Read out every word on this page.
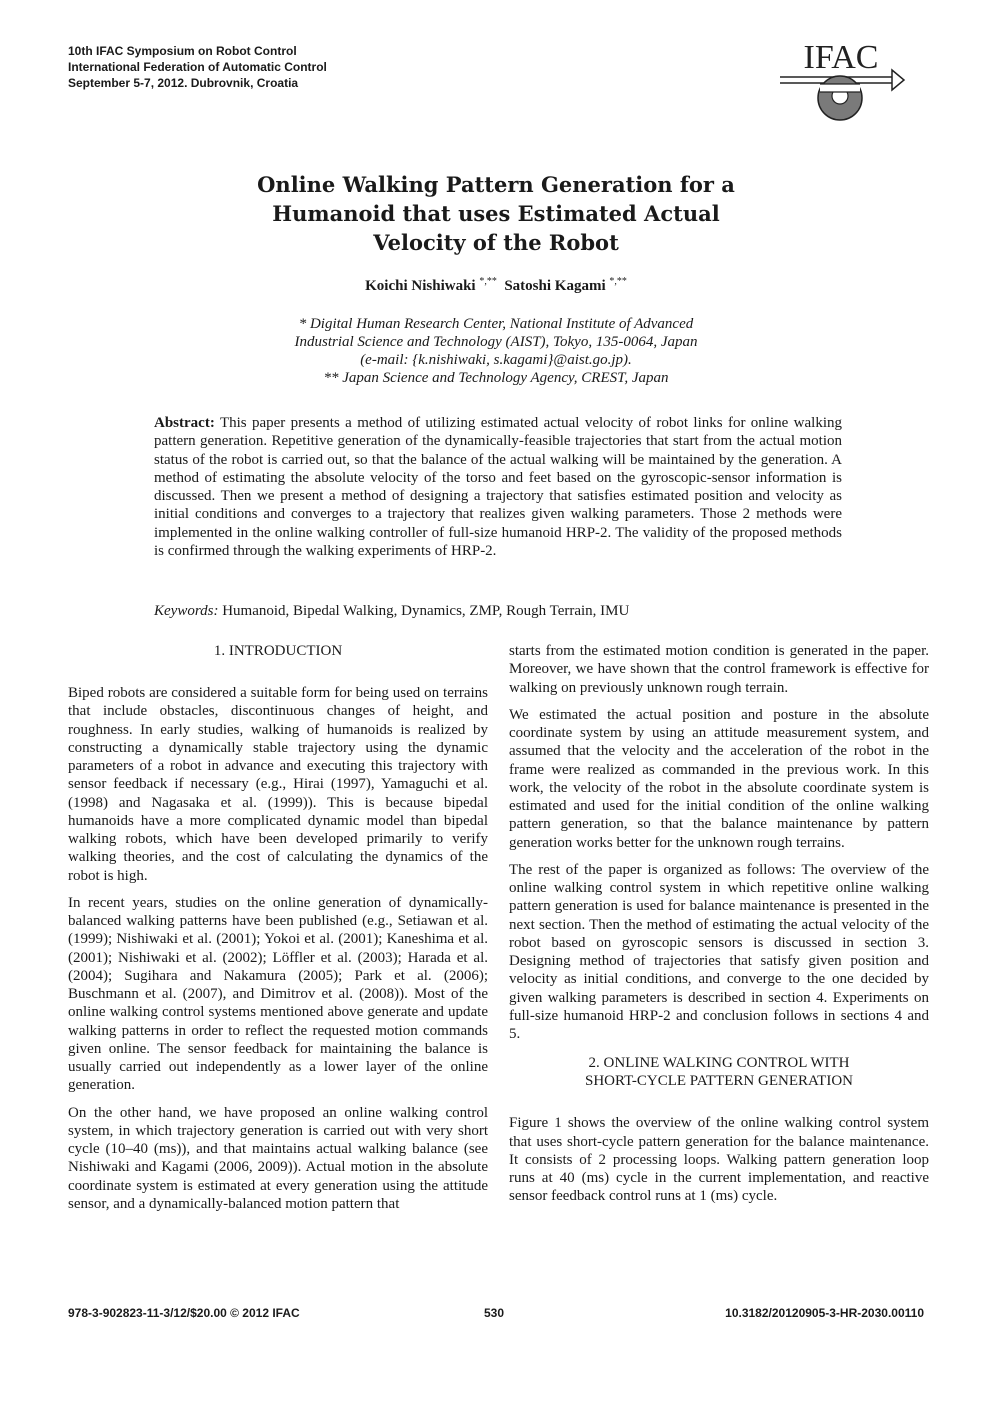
10th IFAC Symposium on Robot Control
International Federation of Automatic Control
September 5-7, 2012. Dubrovnik, Croatia
IFAC
Online Walking Pattern Generation for a
Humanoid that uses Estimated Actual
Velocity of the Robot
Koichi Nishiwaki *,** Satoshi Kagami *,**
* Digital Human Research Center, National Institute of Advanced
Industrial Science and Technology (AIST), Tokyo, 135-0064, Japan
(e-mail: {k.nishiwaki, s.kagami}@aist.go.jp).
** Japan Science and Technology Agency, CREST, Japan
Abstract: This paper presents a method of utilizing estimated actual velocity of robot links for online walking pattern generation. Repetitive generation of the dynamically-feasible trajectories that start from the actual motion status of the robot is carried out, so that the balance of the actual walking will be maintained by the generation. A method of estimating the absolute velocity of the torso and feet based on the gyroscopic-sensor information is discussed. Then we present a method of designing a trajectory that satisfies estimated position and velocity as initial conditions and converges to a trajectory that realizes given walking parameters. Those 2 methods were implemented in the online walking controller of full-size humanoid HRP-2. The validity of the proposed methods is confirmed through the walking experiments of HRP-2.
Keywords: Humanoid, Bipedal Walking, Dynamics, ZMP, Rough Terrain, IMU
1. INTRODUCTION

Biped robots are considered a suitable form for being used on terrains that include obstacles, discontinuous changes of height, and roughness. In early studies, walking of humanoids is realized by constructing a dynamically stable trajectory using the dynamic parameters of a robot in advance and executing this trajectory with sensor feedback if necessary (e.g., Hirai (1997), Yamaguchi et al. (1998) and Nagasaka et al. (1999)). This is because bipedal humanoids have a more complicated dynamic model than bipedal walking robots, which have been developed primarily to verify walking theories, and the cost of calculating the dynamics of the robot is high.

In recent years, studies on the online generation of dynamically-balanced walking patterns have been published (e.g., Setiawan et al. (1999); Nishiwaki et al. (2001); Yokoi et al. (2001); Kaneshima et al. (2001); Nishiwaki et al. (2002); Löffler et al. (2003); Harada et al. (2004); Sugihara and Nakamura (2005); Park et al. (2006); Buschmann et al. (2007), and Dimitrov et al. (2008)). Most of the online walking control systems mentioned above generate and update walking patterns in order to reflect the requested motion commands given online. The sensor feedback for maintaining the balance is usually carried out independently as a lower layer of the online generation.

On the other hand, we have proposed an online walking control system, in which trajectory generation is carried out with very short cycle (10–40 (ms)), and that maintains actual walking balance (see Nishiwaki and Kagami (2006, 2009)). Actual motion in the absolute coordinate system is estimated at every generation using the attitude sensor, and a dynamically-balanced motion pattern that

starts from the estimated motion condition is generated in the paper. Moreover, we have shown that the control framework is effective for walking on previously unknown rough terrain.

We estimated the actual position and posture in the absolute coordinate system by using an attitude measurement system, and assumed that the velocity and the acceleration of the robot in the frame were realized as commanded in the previous work. In this work, the velocity of the robot in the absolute coordinate system is estimated and used for the initial condition of the online walking pattern generation, so that the balance maintenance by pattern generation works better for the unknown rough terrains.

The rest of the paper is organized as follows: The overview of the online walking control system in which repetitive online walking pattern generation is used for balance maintenance is presented in the next section. Then the method of estimating the actual velocity of the robot based on gyroscopic sensors is discussed in section 3. Designing method of trajectories that satisfy given position and velocity as initial conditions, and converge to the one decided by given walking parameters is described in section 4. Experiments on full-size humanoid HRP-2 and conclusion follows in sections 4 and 5.

2. ONLINE WALKING CONTROL WITH
SHORT-CYCLE PATTERN GENERATION

Figure 1 shows the overview of the online walking control system that uses short-cycle pattern generation for the balance maintenance. It consists of 2 processing loops. Walking pattern generation loop runs at 40 (ms) cycle in the current implementation, and reactive sensor feedback control runs at 1 (ms) cycle.

978-3-902823-11-3/12/$20.00 © 2012 IFAC	530	10.3182/20120905-3-HR-2030.00110
